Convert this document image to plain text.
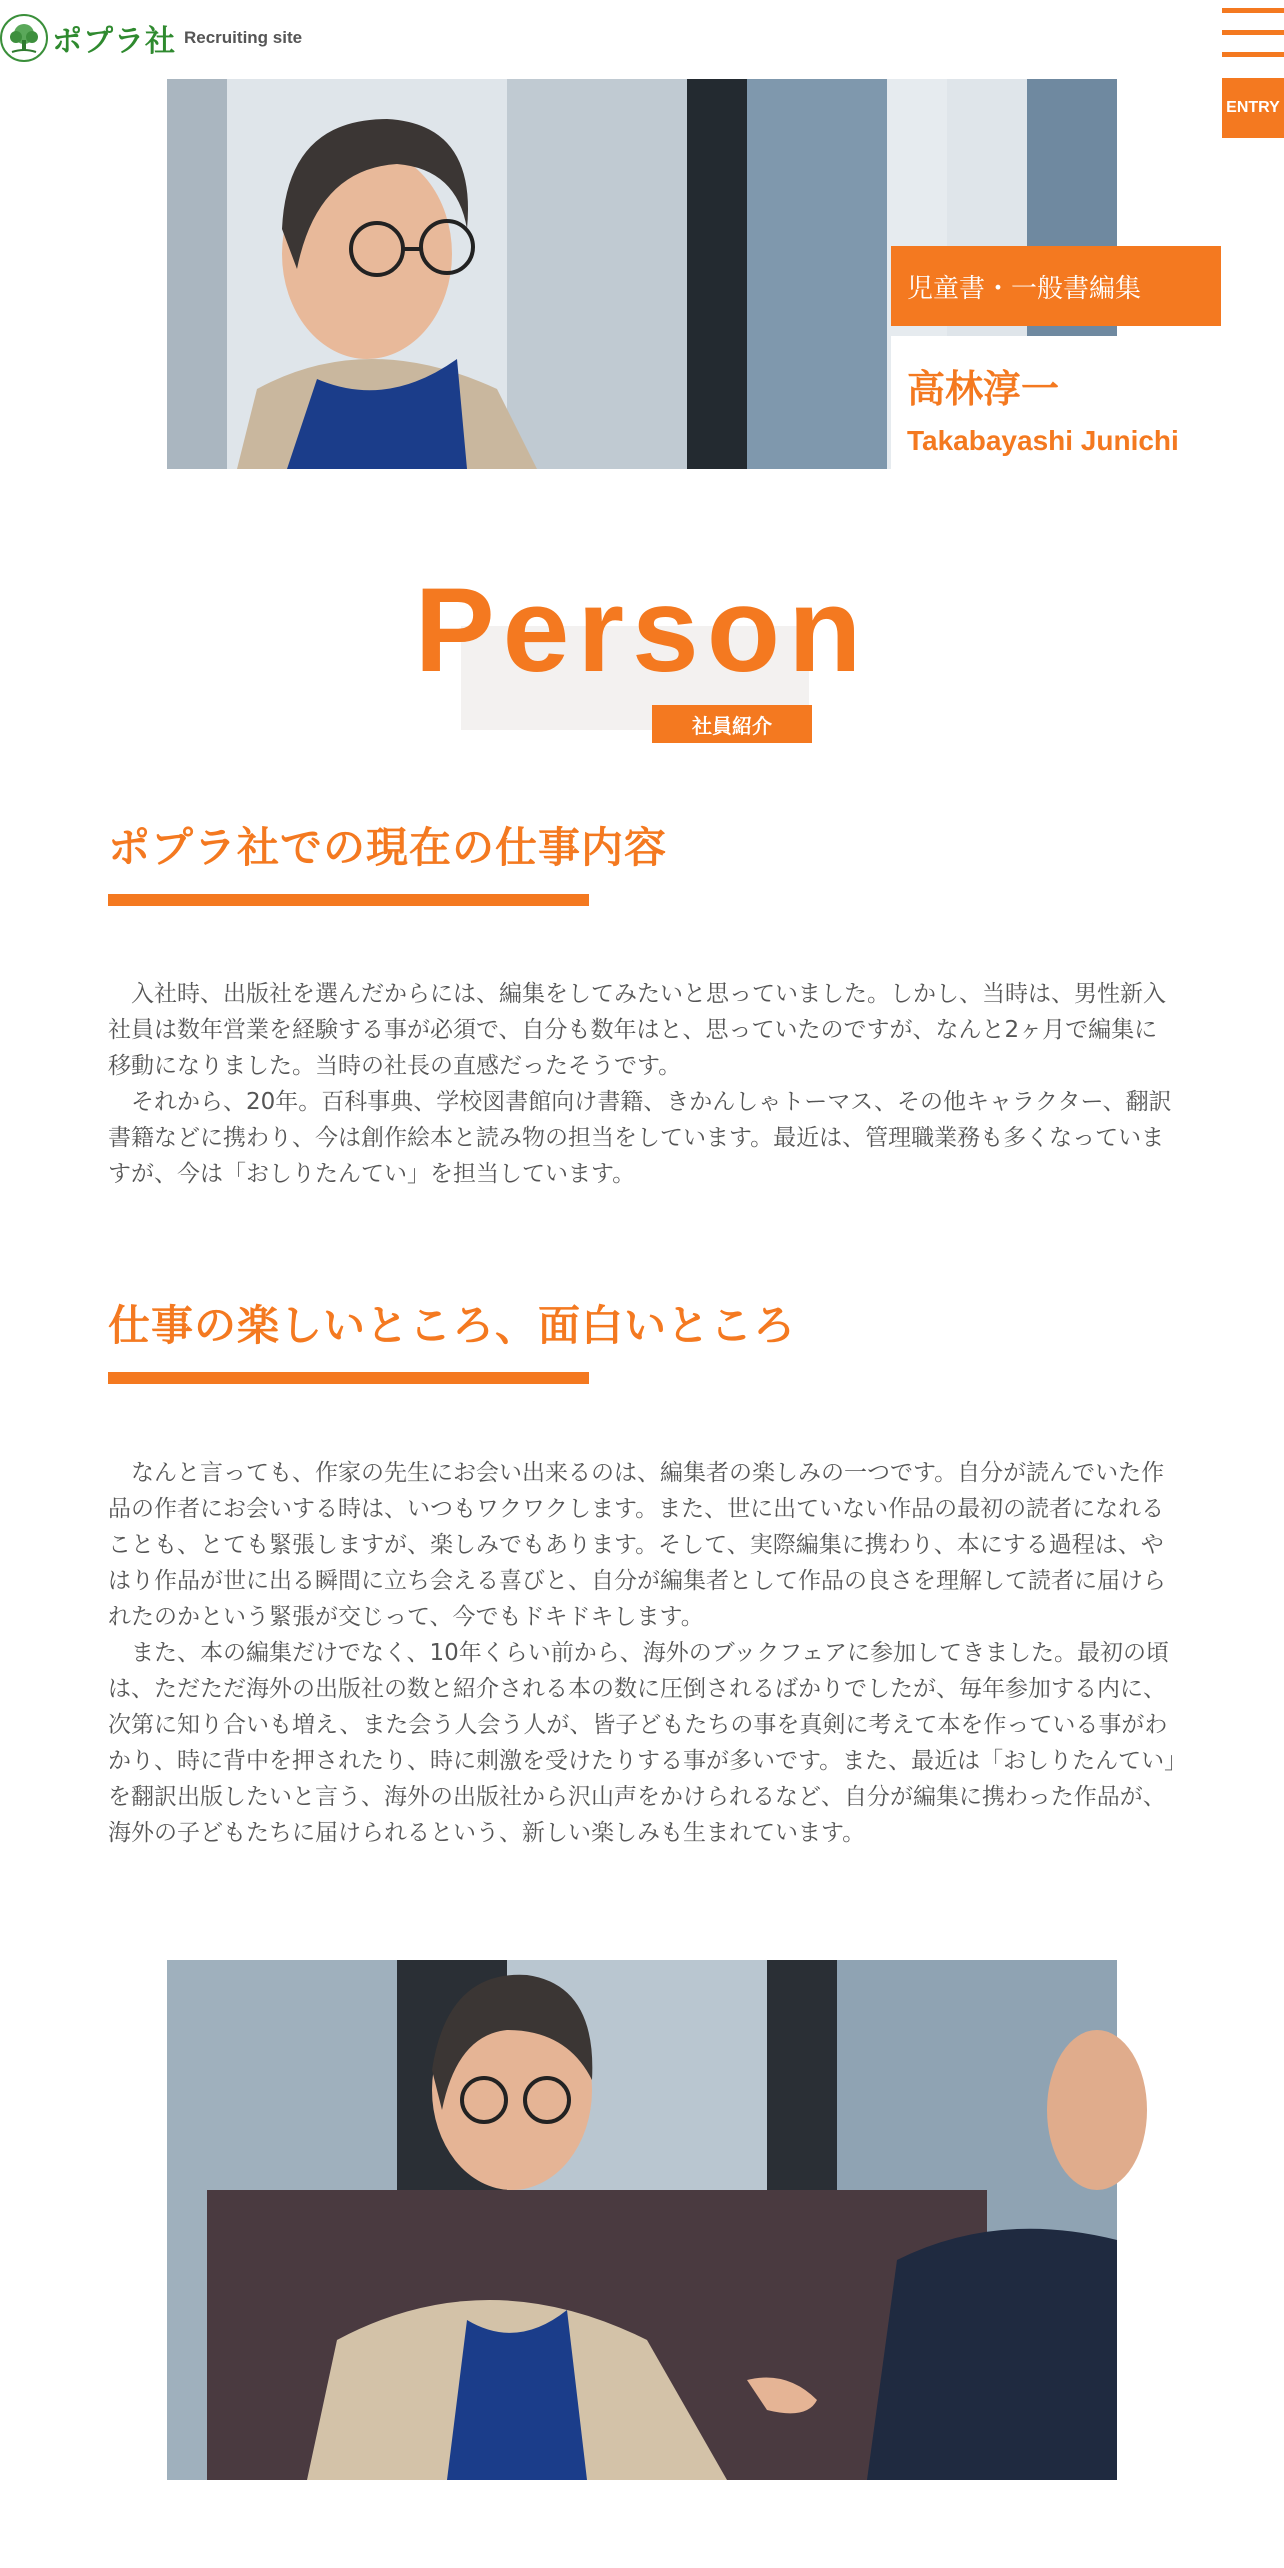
ポプラ社 Recruiting site
ENTRY
児童書・一般書編集
高林淳一
Takabayashi Junichi
Person
社員紹介
ポプラ社での現在の仕事内容

入社時、出版社を選んだからには、編集をしてみたいと思っていました。しかし、当時は、男性新入社員は数年営業を経験する事が必須で、自分も数年はと、思っていたのですが、なんと2ヶ月で編集に移動になりました。当時の社長の直感だったそうです。

それから、20年。百科事典、学校図書館向け書籍、きかんしゃトーマス、その他キャラクター、翻訳書籍などに携わり、今は創作絵本と読み物の担当をしています。最近は、管理職業務も多くなっていますが、今は「おしりたんてい」を担当しています。

仕事の楽しいところ、面白いところ

なんと言っても、作家の先生にお会い出来るのは、編集者の楽しみの一つです。自分が読んでいた作品の作者にお会いする時は、いつもワクワクします。また、世に出ていない作品の最初の読者になれることも、とても緊張しますが、楽しみでもあります。そして、実際編集に携わり、本にする過程は、やはり作品が世に出る瞬間に立ち会える喜びと、自分が編集者として作品の良さを理解して読者に届けられたのかという緊張が交じって、今でもドキドキします。

また、本の編集だけでなく、10年くらい前から、海外のブックフェアに参加してきました。最初の頃は、ただただ海外の出版社の数と紹介される本の数に圧倒されるばかりでしたが、毎年参加する内に、次第に知り合いも増え、また会う人会う人が、皆子どもたちの事を真剣に考えて本を作っている事がわかり、時に背中を押されたり、時に刺激を受けたりする事が多いです。また、最近は「おしりたんてい」を翻訳出版したいと言う、海外の出版社から沢山声をかけられるなど、自分が編集に携わった作品が、海外の子どもたちに届けられるという、新しい楽しみも生まれています。
